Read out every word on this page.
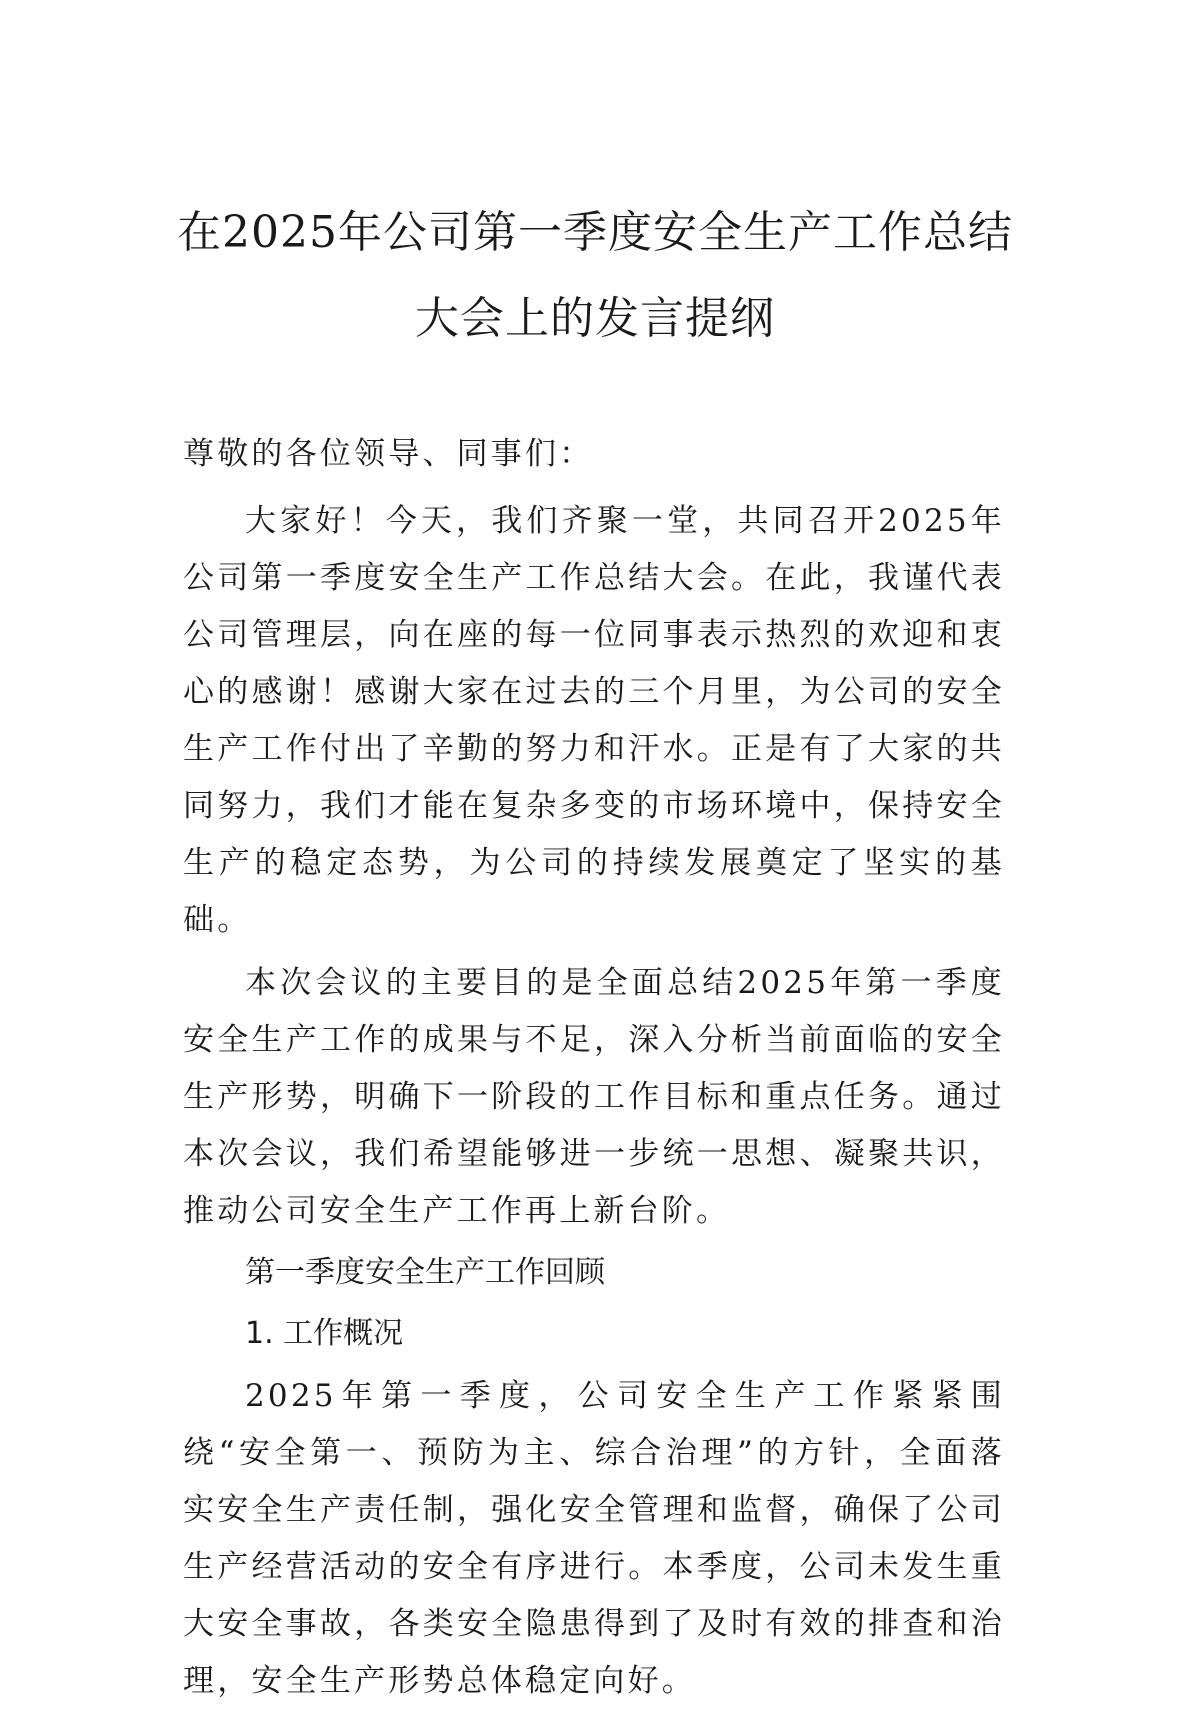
在2025年公司第一季度安全生产工作总结
大会上的发言提纲

尊敬的各位领导、同事们：

大家好！今天，我们齐聚一堂，共同召开2025年公司第一季度安全生产工作总结大会。在此，我谨代表公司管理层，向在座的每一位同事表示热烈的欢迎和衷心的感谢！感谢大家在过去的三个月里，为公司的安全生产工作付出了辛勤的努力和汗水。正是有了大家的共同努力，我们才能在复杂多变的市场环境中，保持安全生产的稳定态势，为公司的持续发展奠定了坚实的基础。

本次会议的主要目的是全面总结2025年第一季度安全生产工作的成果与不足，深入分析当前面临的安全生产形势，明确下一阶段的工作目标和重点任务。通过本次会议，我们希望能够进一步统一思想、凝聚共识，推动公司安全生产工作再上新台阶。

第一季度安全生产工作回顾

1. 工作概况

2025年第一季度，公司安全生产工作紧紧围绕“安全第一、预防为主、综合治理”的方针，全面落实安全生产责任制，强化安全管理和监督，确保了公司生产经营活动的安全有序进行。本季度，公司未发生重大安全事故，各类安全隐患得到了及时有效的排查和治理，安全生产形势总体稳定向好。
